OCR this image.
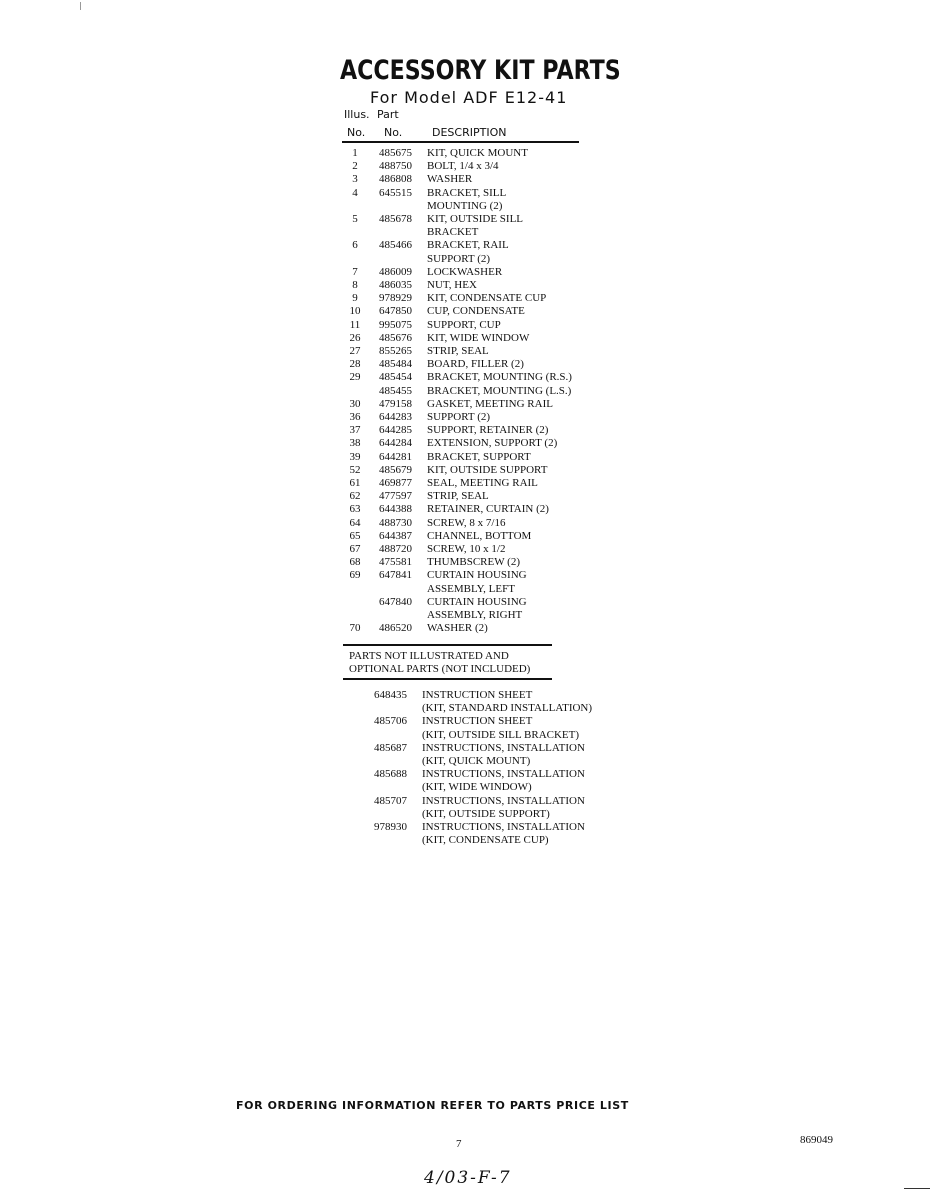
ACCESSORY KIT PARTS
For Model ADF E12-41
Illus. Part
No. No.	DESCRIPTION
1	485675 KIT, QUICK MOUNT
2	488750 BOLT, 1/4 x 3/4
3	486808 WASHER
4	645515 BRACKET, SILL
MOUNTING (2)
5	485678 KIT, OUTSIDE SILL
BRACKET
6	485466 BRACKET, RAIL
SUPPORT (2)
7	486009 LOCKWASHER
8	486035 NUT, HEX
9	978929 KIT, CONDENSATE CUP
10	647850 CUP, CONDENSATE
11	995075 SUPPORT, CUP
26	485676 KIT, WIDE WINDOW
27	855265 STRIP, SEAL
28	485484 BOARD, FILLER (2)
29	485454 BRACKET, MOUNTING (R.S.)
485455 BRACKET, MOUNTING (L.S.)
30	479158 GASKET, MEETING RAIL
36	644283 SUPPORT (2)
37	644285 SUPPORT, RETAINER (2)
38	644284 EXTENSION, SUPPORT (2)
39	644281 BRACKET, SUPPORT
52	485679 KIT, OUTSIDE SUPPORT
61	469877 SEAL, MEETING RAIL
62	477597 STRIP, SEAL
63	644388 RETAINER, CURTAIN (2)
64	488730 SCREW, 8 x 7/16
65	644387 CHANNEL, BOTTOM
67	488720 SCREW, 10 x 1/2
68	475581 THUMBSCREW (2)
69	647841 CURTAIN HOUSING
ASSEMBLY, LEFT
647840 CURTAIN HOUSING
ASSEMBLY, RIGHT
70	486520 WASHER (2)
PARTS NOT ILLUSTRATED AND
OPTIONAL PARTS (NOT INCLUDED)
648435 INSTRUCTION SHEET
(KIT, STANDARD INSTALLATION)
485706 INSTRUCTION SHEET
(KIT, OUTSIDE SILL BRACKET)
485687 INSTRUCTIONS, INSTALLATION
(KIT, QUICK MOUNT)
485688 INSTRUCTIONS, INSTALLATION
(KIT, WIDE WINDOW)
485707 INSTRUCTIONS, INSTALLATION
(KIT, OUTSIDE SUPPORT)
978930 INSTRUCTIONS, INSTALLATION
(KIT, CONDENSATE CUP)
FOR ORDERING INFORMATION REFER TO PARTS PRICE LIST
7	869049
4/03-F-7
